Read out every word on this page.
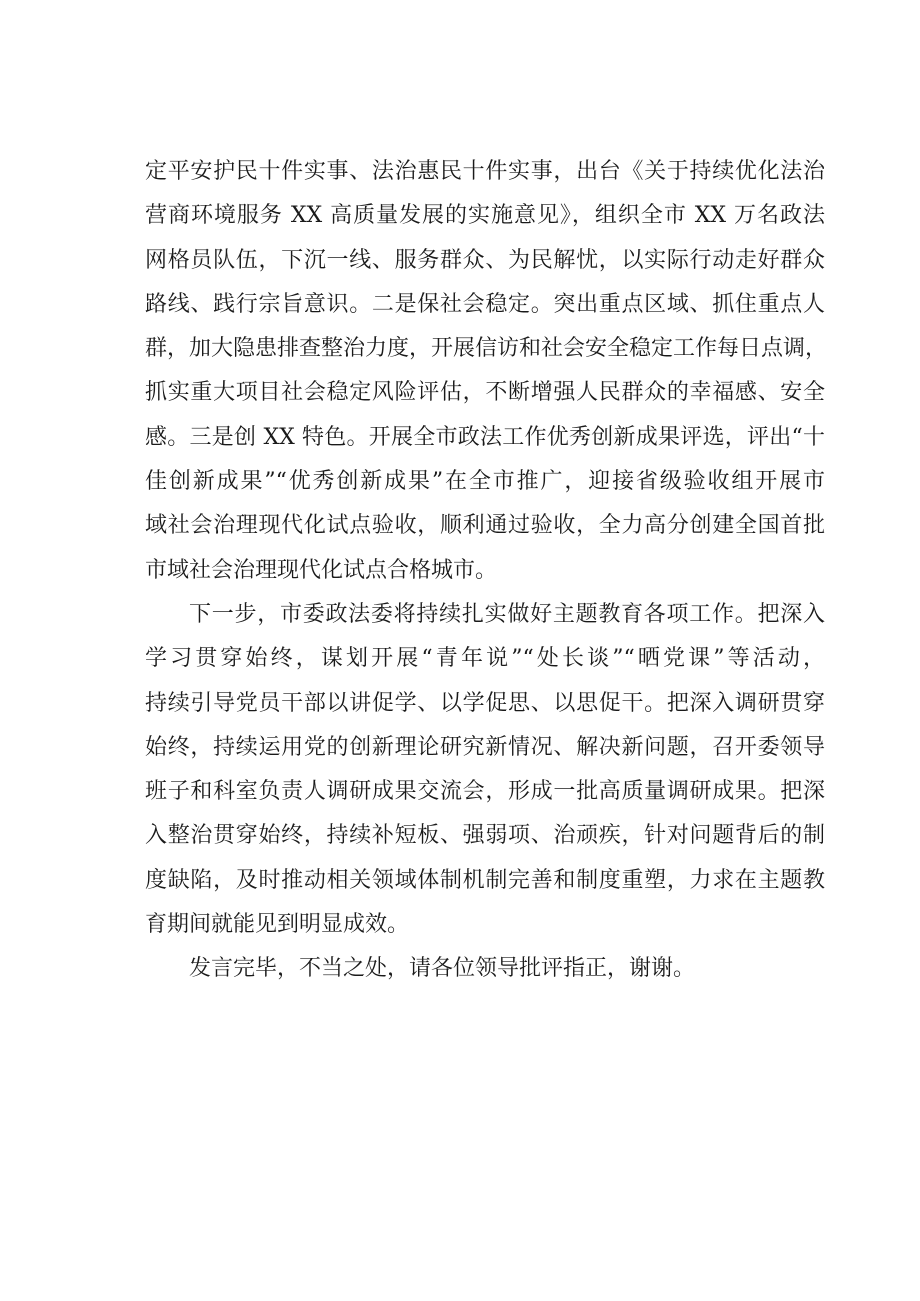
定平安护民十件实事、法治惠民十件实事，出台《关于持续优化法治
营商环境服务 XX 高质量发展的实施意见》，组织全市 XX 万名政法
网格员队伍，下沉一线、服务群众、为民解忧，以实际行动走好群众
路线、践行宗旨意识。二是保社会稳定。突出重点区域、抓住重点人
群，加大隐患排查整治力度，开展信访和社会安全稳定工作每日点调，
抓实重大项目社会稳定风险评估，不断增强人民群众的幸福感、安全
感。三是创 XX 特色。开展全市政法工作优秀创新成果评选，评出“十
佳创新成果”“优秀创新成果”在全市推广，迎接省级验收组开展市
域社会治理现代化试点验收，顺利通过验收，全力高分创建全国首批
市域社会治理现代化试点合格城市。
下一步，市委政法委将持续扎实做好主题教育各项工作。把深入
学习贯穿始终，谋划开展“青年说”“处长谈”“晒党课”等活动，
持续引导党员干部以讲促学、以学促思、以思促干。把深入调研贯穿
始终，持续运用党的创新理论研究新情况、解决新问题，召开委领导
班子和科室负责人调研成果交流会，形成一批高质量调研成果。把深
入整治贯穿始终，持续补短板、强弱项、治顽疾，针对问题背后的制
度缺陷，及时推动相关领域体制机制完善和制度重塑，力求在主题教
育期间就能见到明显成效。
发言完毕，不当之处，请各位领导批评指正，谢谢。
